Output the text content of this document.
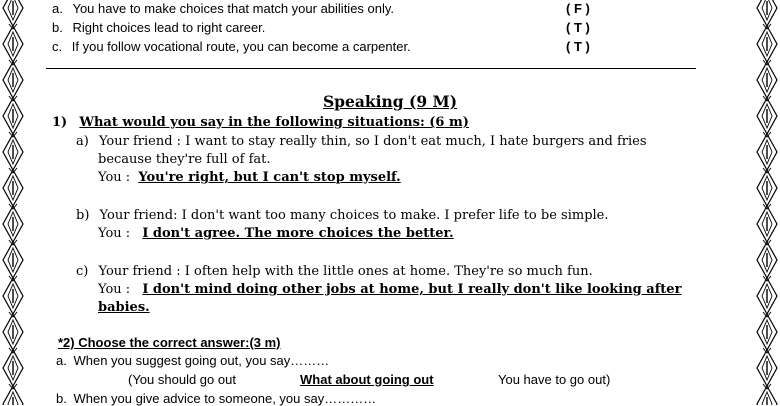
a. You have to make choices that match your abilities only.	( F )
b. Right choices lead to right career.	( T )
c. If you follow vocational route, you can become a carpenter.	( T )
Speaking (9 M)
1) What would you say in the following situations: (6 m)
a) Your friend : I want to stay really thin, so I don't eat much, I hate burgers and fries
because they're full of fat.
You : You're right, but I can't stop myself.
b) Your friend: I don't want too many choices to make. I prefer life to be simple.
You : I don't agree. The more choices the better.
c) Your friend : I often help with the little ones at home. They're so much fun.
You : I don't mind doing other jobs at home, but I really don't like looking after
babies.
*2) Choose the correct answer:(3 m)
a. When you suggest going out, you say………
(You should go out	What about going out	You have to go out)
b. When you give advice to someone, you say…………
